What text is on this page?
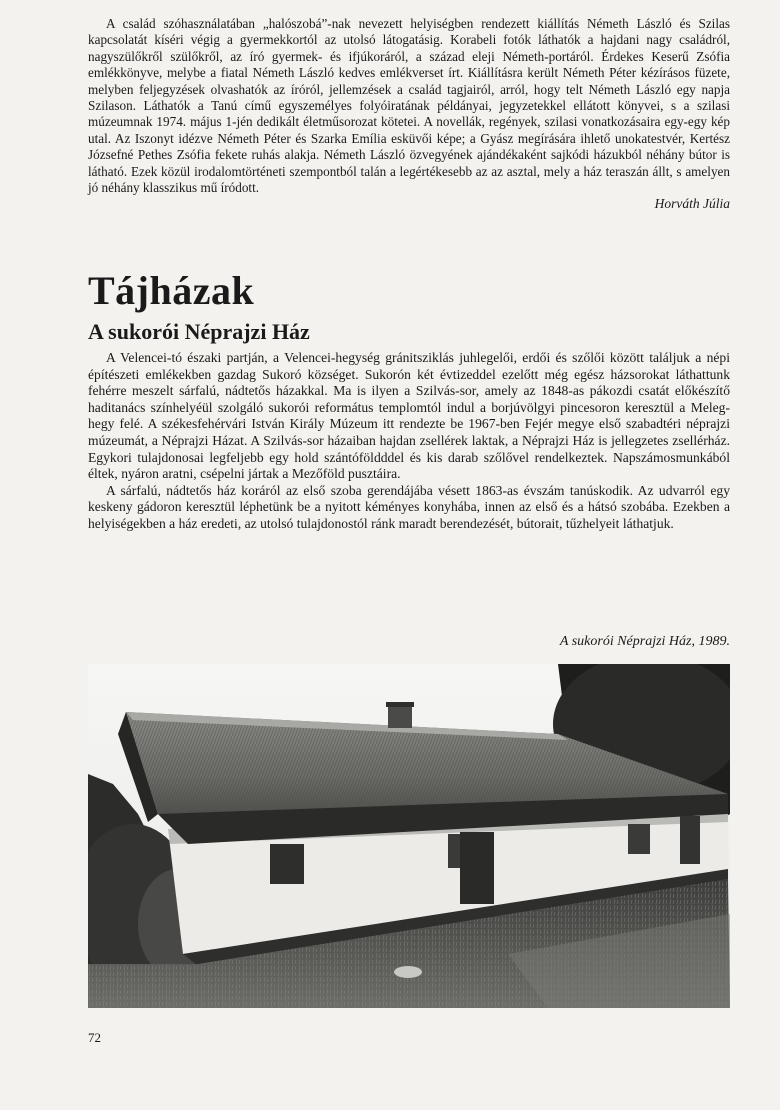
A család szóhasználatában „halószobá”-nak nevezett helyiségben rendezett kiállítás Németh László és Szilas kapcsolatát kíséri végig a gyermekkortól az utolsó látogatásig. Korabeli fotók láthatók a hajdani nagy családról, nagyszülőkről szülőkről, az író gyermek- és ifjúkoráról, a század eleji Németh-portáról. Érdekes Keserű Zsófia emlékkönyve, melybe a fiatal Németh László kedves emlékverset írt. Kiállításra került Németh Péter kézírásos füzete, melyben feljegyzések olvashatók az íróról, jellemzések a család tagjairól, arról, hogy telt Németh László egy napja Szilason. Láthatók a Tanú című egyszemélyes folyóiratának példányai, jegyzetekkel ellátott könyvei, s a szilasi múzeumnak 1974. május 1-jén dedikált életműsorozat kötetei. A novellák, regények, szilasi vonatkozásaira egy-egy kép utal. Az Iszonyt idézve Németh Péter és Szarka Emília esküvői képe; a Gyász megírására ihlető unokatestvér, Kertész Józsefné Pethes Zsófia fekete ruhás alakja. Németh László özvegyének ajándékaként sajkódi házukból néhány bútor is látható. Ezek közül irodalomtörténeti szempontból talán a legértékesebb az az asztal, mely a ház teraszán állt, s amelyen jó néhány klasszikus mű íródott.

Horváth Júlia

Tájházak
A sukorói Néprajzi Ház

A Velencei-tó északi partján, a Velencei-hegység gránitsziklás juhlegelői, erdői és szőlői között találjuk a népi építészeti emlékekben gazdag Sukoró községet. Sukorón két évtizeddel ezelőtt még egész házsorokat láthattunk fehérre meszelt sárfalú, nádtetős házakkal. Ma is ilyen a Szilvás-sor, amely az 1848-as pákozdi csatát előkészítő haditanács színhelyéül szolgáló sukorói református templomtól indul a borjúvölgyi pincesoron keresztül a Meleg-hegy felé. A székesfehérvári István Király Múzeum itt rendezte be 1967-ben Fejér megye első szabadtéri néprajzi múzeumát, a Néprajzi Házat. A Szilvás-sor házaiban hajdan zsellérek laktak, a Néprajzi Ház is jellegzetes zsellérház. Egykori tulajdonosai legfeljebb egy hold szántóföldddel és kis darab szőlővel rendelkeztek. Napszámosmunkából éltek, nyáron aratni, csépelni jártak a Mezőföld pusztáira.

A sárfalú, nádtetős ház koráról az első szoba gerendájába vésett 1863-as évszám tanúskodik. Az udvarról egy keskeny gádoron keresztül léphetünk be a nyitott kéményes konyhába, innen az első és a hátsó szobába. Ezekben a helyiségekben a ház eredeti, az utolsó tulajdonostól ránk maradt berendezését, bútorait, tűzhelyeit láthatjuk.

A sukorói Néprajzi Ház, 1989.

72
